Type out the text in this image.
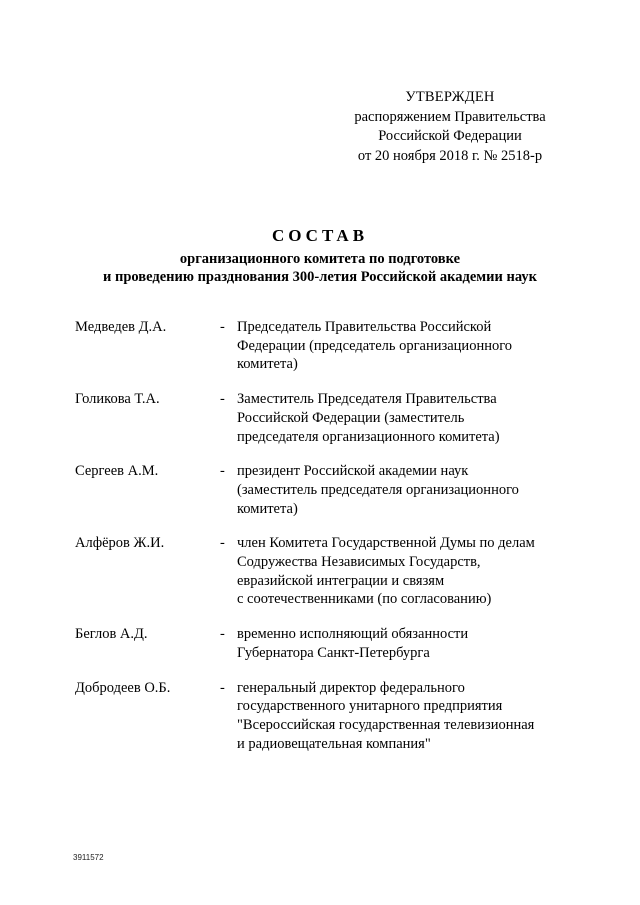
УТВЕРЖДЕН
распоряжением Правительства
Российской Федерации
от 20 ноября 2018 г. № 2518-р
СОСТАВ
организационного комитета по подготовке
и проведению празднования 300-летия Российской академии наук
Медведев Д.А.	- Председатель Правительства Российской
Федерации (председатель организационного
комитета)
Голикова Т.А.	- Заместитель Председателя Правительства
Российской Федерации (заместитель
председателя организационного комитета)
Сергеев А.М.	- президент Российской академии наук
(заместитель председателя организационного
комитета)
Алфёров Ж.И.	- член Комитета Государственной Думы по делам
Содружества Независимых Государств,
евразийской интеграции и связям
с соотечественниками (по согласованию)
Беглов А.Д.	- временно исполняющий обязанности
Губернатора Санкт-Петербурга
Добродеев О.Б.	- генеральный директор федерального
государственного унитарного предприятия
"Всероссийская государственная телевизионная
и радиовещательная компания"
3911572
